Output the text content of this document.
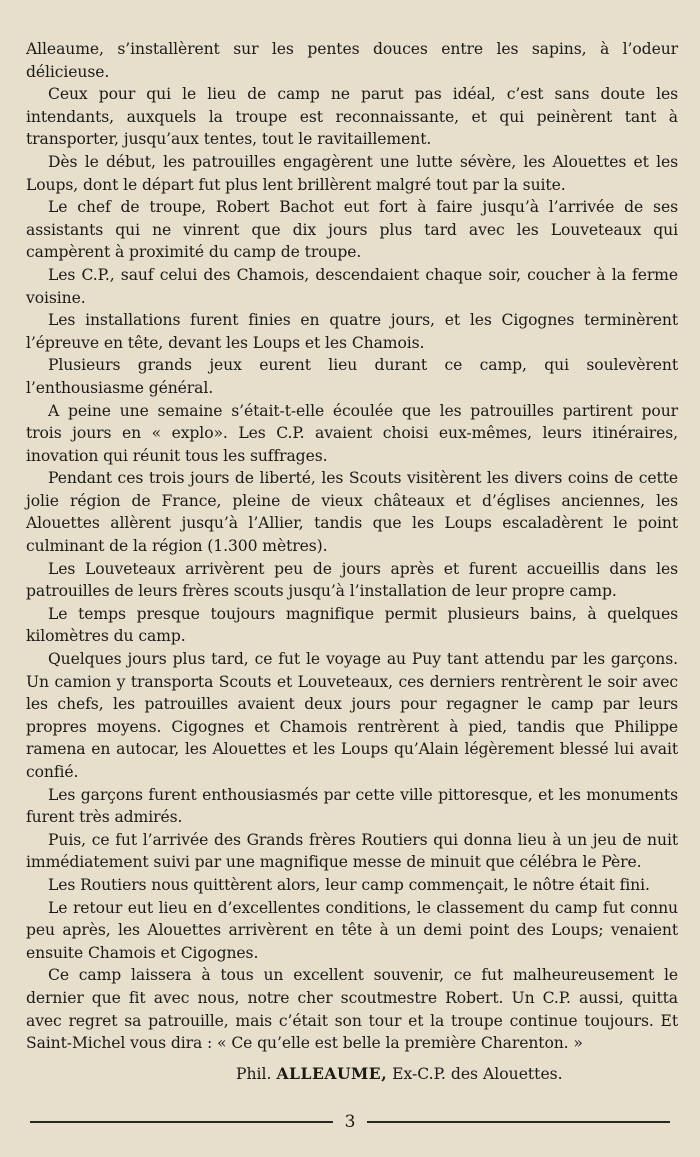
Alleaume, s’installèrent sur les pentes douces entre les sapins, à l’odeur délicieuse.

Ceux pour qui le lieu de camp ne parut pas idéal, c’est sans doute les intendants, auxquels la troupe est reconnaissante, et qui peinèrent tant à transporter, jusqu’aux tentes, tout le ravitaillement.

Dès le début, les patrouilles engagèrent une lutte sévère, les Alouettes et les Loups, dont le départ fut plus lent brillèrent malgré tout par la suite.

Le chef de troupe, Robert Bachot eut fort à faire jusqu’à l’arrivée de ses assistants qui ne vinrent que dix jours plus tard avec les Louveteaux qui campèrent à proximité du camp de troupe.

Les C.P., sauf celui des Chamois, descendaient chaque soir, coucher à la ferme voisine.

Les installations furent finies en quatre jours, et les Cigognes terminèrent l’épreuve en tête, devant les Loups et les Chamois.

Plusieurs grands jeux eurent lieu durant ce camp, qui soulevèrent l’enthousiasme général.

A peine une semaine s’était-t-elle écoulée que les patrouilles partirent pour trois jours en « explo». Les C.P. avaient choisi eux-mêmes, leurs itinéraires, inovation qui réunit tous les suffrages.

Pendant ces trois jours de liberté, les Scouts visitèrent les divers coins de cette jolie région de France, pleine de vieux châteaux et d’églises anciennes, les Alouettes allèrent jusqu’à l’Allier, tandis que les Loups escaladèrent le point culminant de la région (1.300 mètres).

Les Louveteaux arrivèrent peu de jours après et furent accueillis dans les patrouilles de leurs frères scouts jusqu’à l’installation de leur propre camp.

Le temps presque toujours magnifique permit plusieurs bains, à quelques kilomètres du camp.

Quelques jours plus tard, ce fut le voyage au Puy tant attendu par les garçons. Un camion y transporta Scouts et Louveteaux, ces derniers rentrèrent le soir avec les chefs, les patrouilles avaient deux jours pour regagner le camp par leurs propres moyens. Cigognes et Chamois rentrèrent à pied, tandis que Philippe ramena en autocar, les Alouettes et les Loups qu’Alain légèrement blessé lui avait confié.

Les garçons furent enthousiasmés par cette ville pittoresque, et les monuments furent très admirés.

Puis, ce fut l’arrivée des Grands frères Routiers qui donna lieu à un jeu de nuit immédiatement suivi par une magnifique messe de minuit que célébra le Père.

Les Routiers nous quittèrent alors, leur camp commençait, le nôtre était fini.

Le retour eut lieu en d’excellentes conditions, le classement du camp fut connu peu après, les Alouettes arrivèrent en tête à un demi point des Loups; venaient ensuite Chamois et Cigognes.

Ce camp laissera à tous un excellent souvenir, ce fut malheureusement le dernier que fit avec nous, notre cher scoutmestre Robert. Un C.P. aussi, quitta avec regret sa patrouille, mais c’était son tour et la troupe continue toujours. Et Saint-Michel vous dira : « Ce qu’elle est belle la première Charenton. »

Phil. ALLEAUME, Ex-C.P. des Alouettes.

3
